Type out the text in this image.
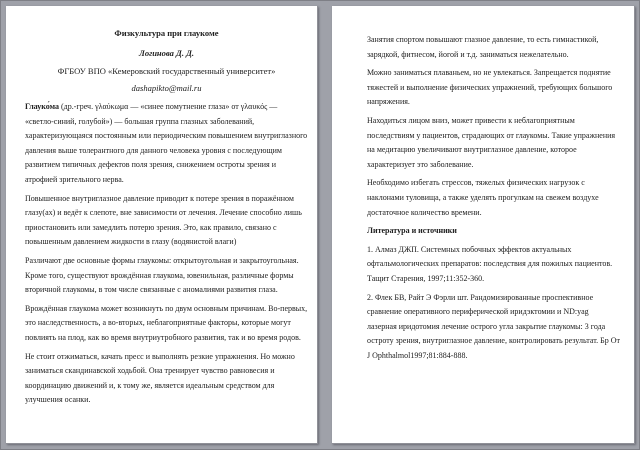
Физкультура при глаукоме

Логинова Д. Д.

ФГБОУ ВПО «Кемеровский государственный университет»

dashapikto@mail.ru

Глауко́ма (др.-греч. γλαύκωμα — «синее помутнение глаза» от γλαυκός — «светло-синий, голубой») — большая группа глазных заболеваний, характеризующаяся постоянным или периодическим повышением внутриглазного давления выше толерантного для данного человека уровня с последующим развитием типичных дефектов поля зрения, снижением остроты зрения и атрофией зрительного нерва.

Повышенное внутриглазное давление приводит к потере зрения в поражённом глазу(ах) и ведёт к слепоте, вне зависимости от лечения. Лечение способно лишь приостановить или замедлить потерю зрения. Это, как правило, связано с повышенным давлением жидкости в глазу (водянистой влаги)

Различают две основные формы глаукомы: открытоугольная и закрытоугольная. Кроме того, существуют врождённая глаукома, ювенильная, различные формы вторичной глаукомы, в том числе связанные с аномалиями развития глаза.

Врождённая глаукома может возникнуть по двум основным причинам. Во-первых, это наследственность, а во-вторых, неблагоприятные факторы, которые могут повлиять на плод, как во время внутриутробного развития, так и во время родов.

Не стоит отжиматься, качать пресс и выполнять резкие упражнения. Но можно заниматься скандинавской ходьбой. Она тренирует чувство равновесия и координацию движений и, к тому же, является идеальным средством для улучшения осанки.

Занятия спортом повышают глазное давление, то есть гимнастикой, зарядкой, фитнесом, йогой и т.д. заниматься нежелательно.

Можно заниматься плаваньем, но не увлекаться. Запрещается поднятие тяжестей и выполнение физических упражнений, требующих большого напряжения.

Находиться лицом вниз, может привести к неблагоприятным последствиям у пациентов, страдающих от глаукомы. Такие упражнения на медитацию увеличивают внутриглазное давление, которое характеризует это заболевание.

Необходимо избегать стрессов, тяжелых физических нагрузок с наклонами туловища, а также уделять прогулкам на свежем воздухе достаточное количество времени.

Литература и источники

1. Алмаз ДЖП. Системных побочных эффектов актуальных офтальмологических препаратов: последствия для пожилых пациентов. Тащит Старения, 1997;11:352-360.

2. Флек БВ, Райт Э Фэрли шт. Рандомизированные проспективное сравнение оперативного периферической иридэктомии и ND:yag лазерная иридотомия лечение острого угла закрытие глаукомы: 3 года остроту зрения, внутриглазное давление, контролировать результат. Бр От J Ophthalmol1997;81:884-888.
